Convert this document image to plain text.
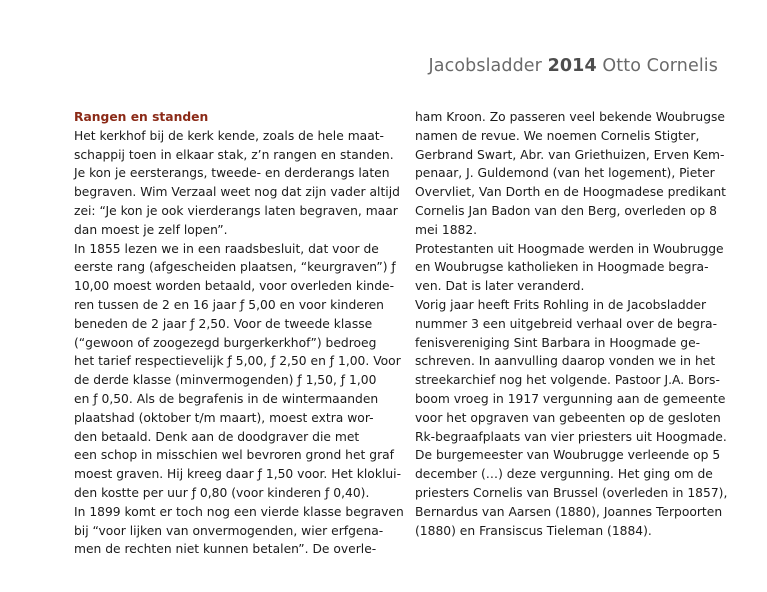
Jacobsladder 2014 Otto Cornelis
Rangen en standen
Het kerkhof bij de kerk kende, zoals de hele maat-
schappij toen in elkaar stak, z’n rangen en standen.
Je kon je eersterangs, tweede- en derderangs laten
begraven. Wim Verzaal weet nog dat zijn vader altijd
zei: “Je kon je ook vierderangs laten begraven, maar
dan moest je zelf lopen”.
In 1855 lezen we in een raadsbesluit, dat voor de
eerste rang (afgescheiden plaatsen, “keurgraven”) ƒ
10,00 moest worden betaald, voor overleden kinde-
ren tussen de 2 en 16 jaar ƒ 5,00 en voor kinderen
beneden de 2 jaar ƒ 2,50. Voor de tweede klasse
(“gewoon of zoogezegd burgerkerkhof”) bedroeg
het tarief respectievelijk ƒ 5,00, ƒ 2,50 en ƒ 1,00. Voor
de derde klasse (minvermogenden) ƒ 1,50, ƒ 1,00
en ƒ 0,50. Als de begrafenis in de wintermaanden
plaatshad (oktober t/m maart), moest extra wor-
den betaald. Denk aan de doodgraver die met
een schop in misschien wel bevroren grond het graf
moest graven. Hij kreeg daar ƒ 1,50 voor. Het klokluі-
den kostte per uur ƒ 0,80 (voor kinderen ƒ 0,40).
In 1899 komt er toch nog een vierde klasse begraven
bij “voor lijken van onvermogenden, wier erfgena-
men de rechten niet kunnen betalen”. De overle-
ham Kroon. Zo passeren veel bekende Woubrugse
namen de revue. We noemen Cornelis Stigter,
Gerbrand Swart, Abr. van Griethuizen, Erven Kem-
penaar, J. Guldemond (van het logement), Pieter
Overvliet, Van Dorth en de Hoogmadese predikant
Cornelis Jan Badon van den Berg, overleden op 8
mei 1882.
Protestanten uit Hoogmade werden in Woubrugge
en Woubrugse katholieken in Hoogmade begra-
ven. Dat is later veranderd.
Vorig jaar heeft Frits Rohling in de Jacobsladder
nummer 3 een uitgebreid verhaal over de begra-
fenisvereniging Sint Barbara in Hoogmade ge-
schreven. In aanvulling daarop vonden we in het
streekarchief nog het volgende. Pastoor J.A. Bors-
boom vroeg in 1917 vergunning aan de gemeente
voor het opgraven van gebeenten op de gesloten
Rk-begraafplaats van vier priesters uit Hoogmade.
De burgemeester van Woubrugge verleende op 5
december (…) deze vergunning. Het ging om de
priesters Cornelis van Brussel (overleden in 1857),
Bernardus van Aarsen (1880), Joannes Terpoorten
(1880) en Fransiscus Tieleman (1884).
